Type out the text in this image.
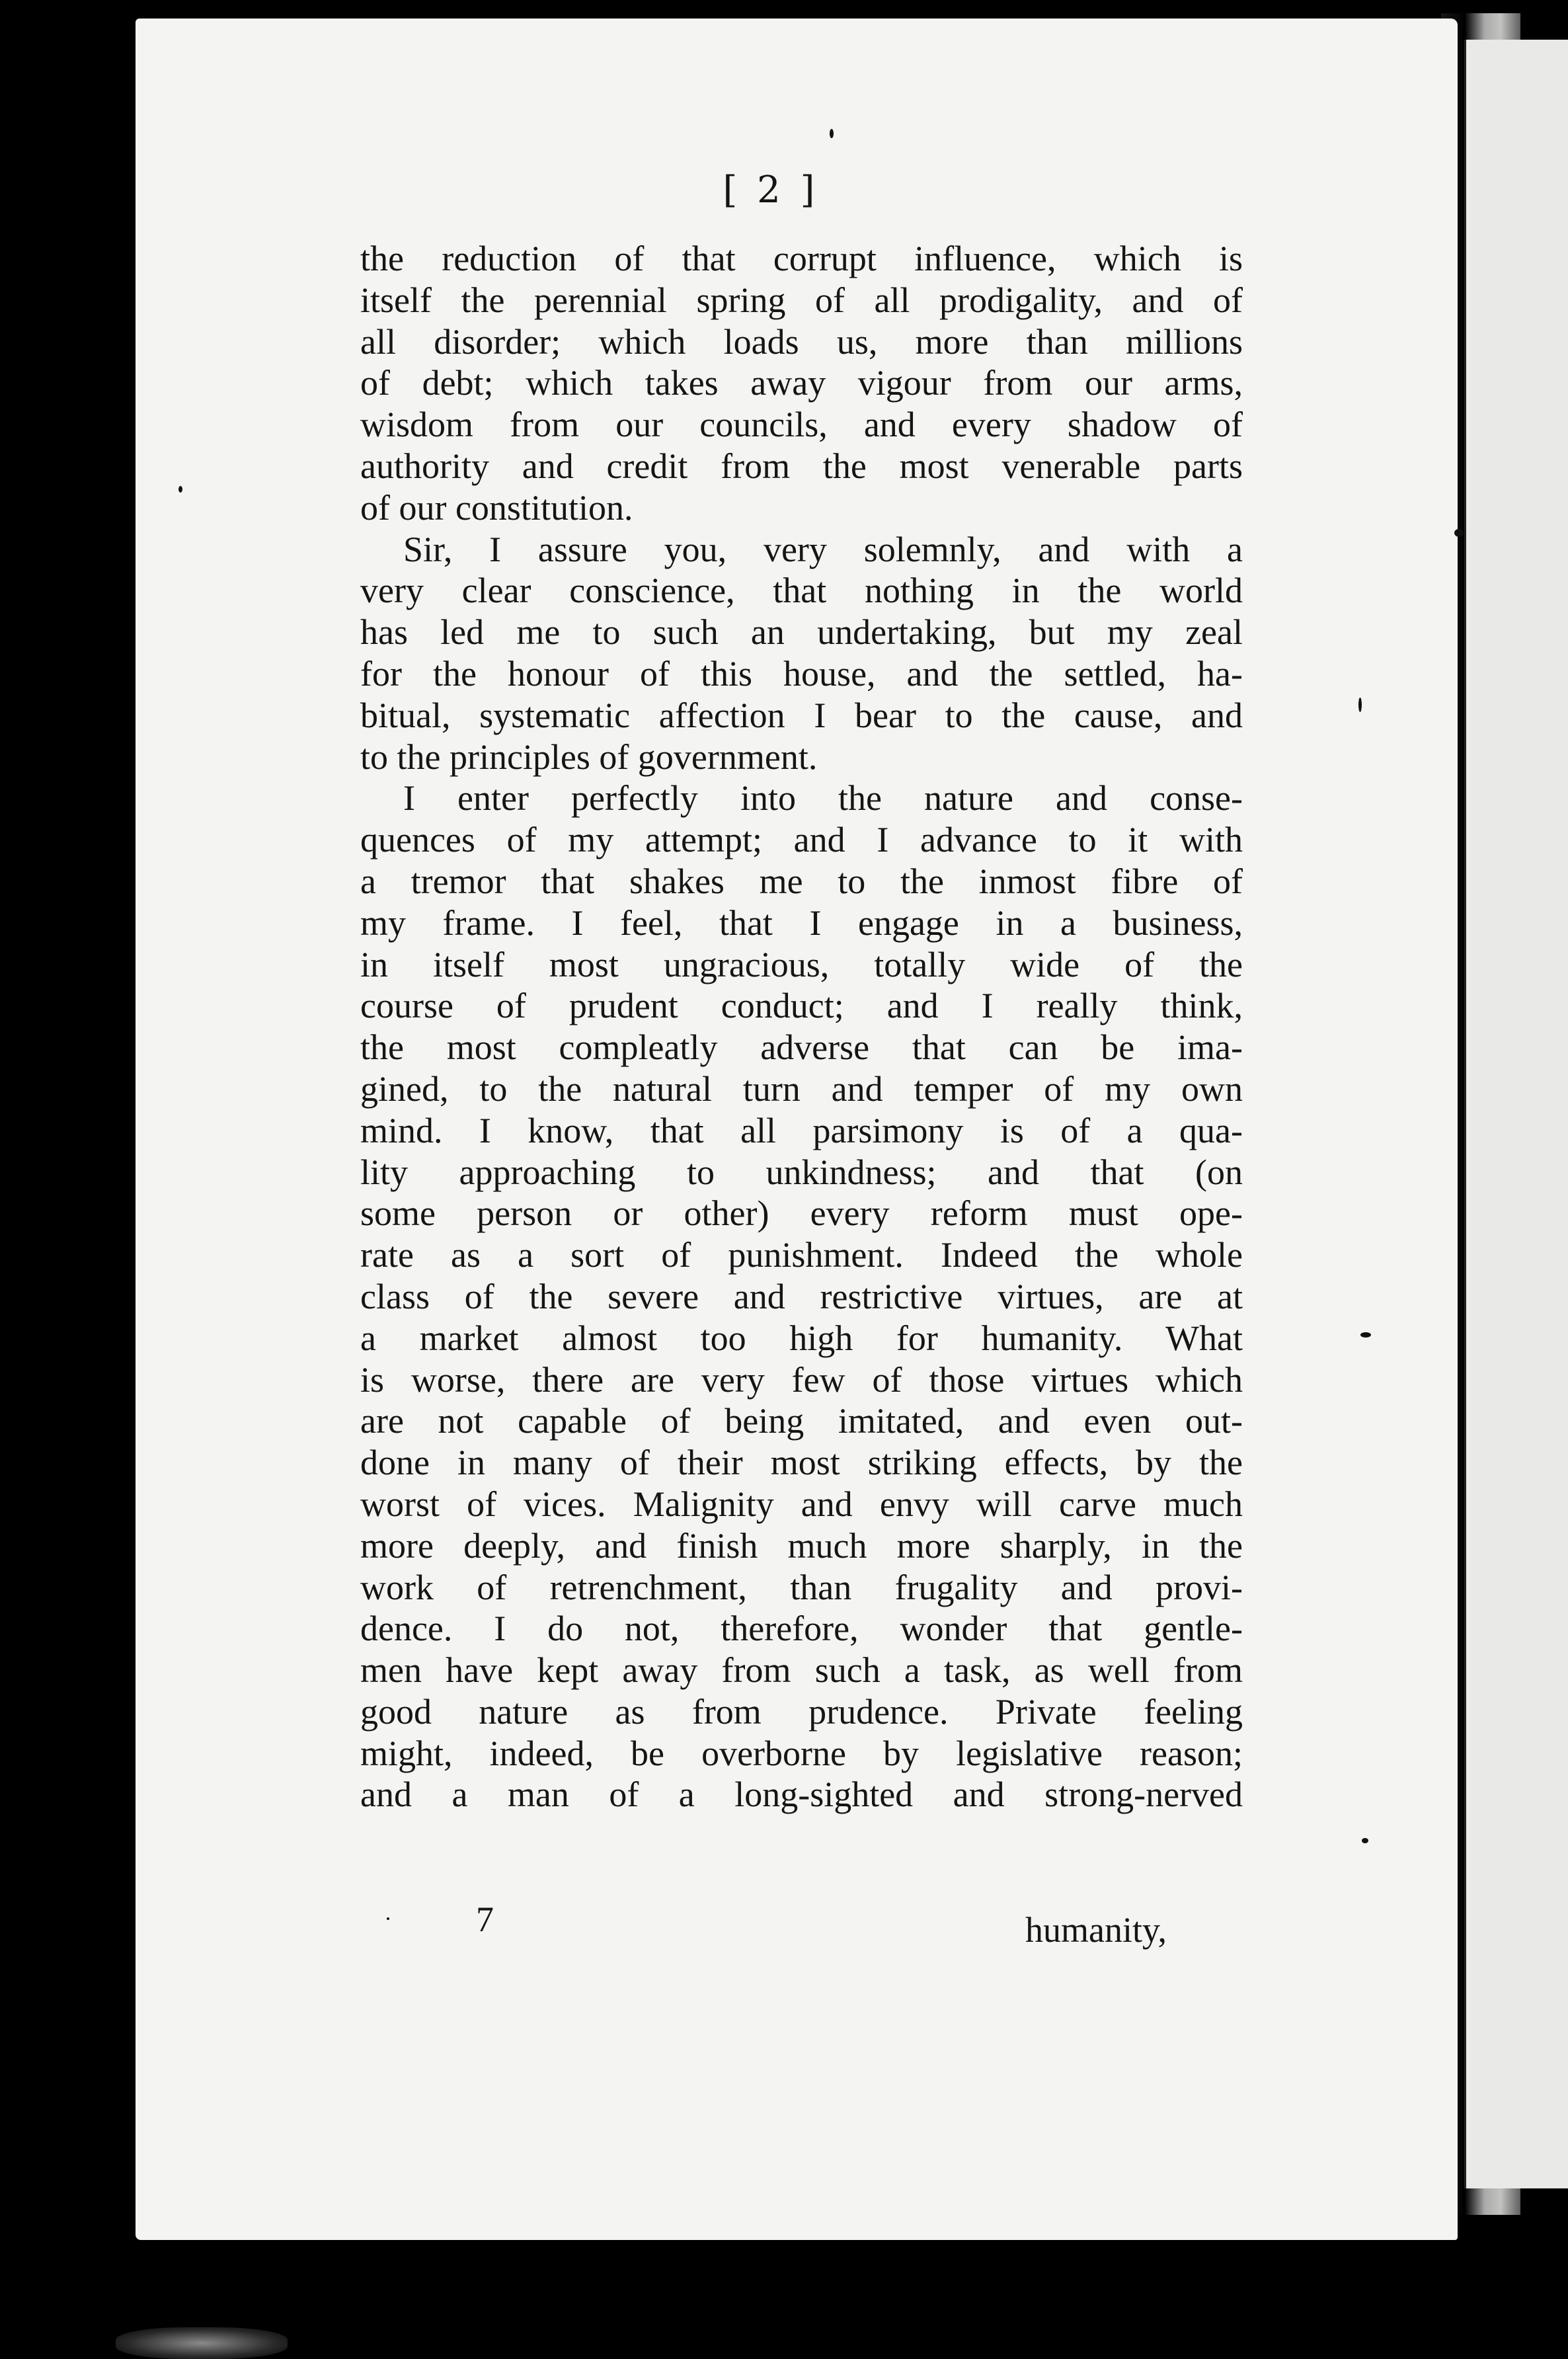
[ 2 ]
the reduction of that corrupt influence, which is
itself the perennial spring of all prodigality, and of
all disorder; which loads us, more than millions
of debt; which takes away vigour from our arms,
wisdom from our councils, and every shadow of
authority and credit from the most venerable parts
of our constitution.
Sir, I assure you, very solemnly, and with a
very clear conscience, that nothing in the world
has led me to such an undertaking, but my zeal
for the honour of this house, and the settled, ha-
bitual, systematic affection I bear to the cause, and
to the principles of government.
I enter perfectly into the nature and conse-
quences of my attempt; and I advance to it with
a tremor that shakes me to the inmost fibre of
my frame. I feel, that I engage in a business,
in itself most ungracious, totally wide of the
course of prudent conduct; and I really think,
the most compleatly adverse that can be ima-
gined, to the natural turn and temper of my own
mind. I know, that all parsimony is of a qua-
lity approaching to unkindness; and that (on
some person or other) every reform must ope-
rate as a sort of punishment. Indeed the whole
class of the severe and restrictive virtues, are at
a market almost too high for humanity. What
is worse, there are very few of those virtues which
are not capable of being imitated, and even out-
done in many of their most striking effects, by the
worst of vices. Malignity and envy will carve much
more deeply, and finish much more sharply, in the
work of retrenchment, than frugality and provi-
dence. I do not, therefore, wonder that gentle-
men have kept away from such a task, as well from
good nature as from prudence. Private feeling
might, indeed, be overborne by legislative reason;
and a man of a long-sighted and strong-nerved
7	humanity,
